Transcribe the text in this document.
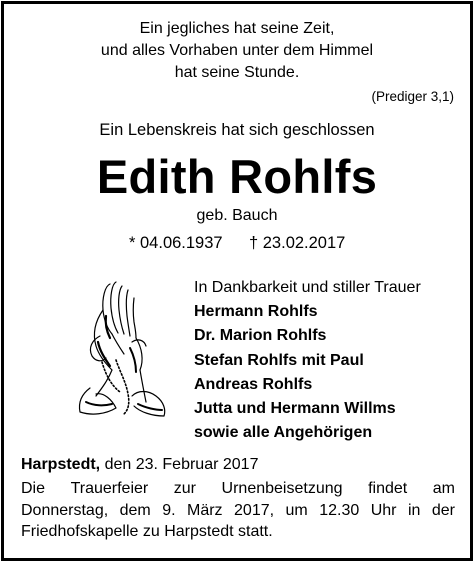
Ein jegliches hat seine Zeit,
und alles Vorhaben unter dem Himmel
hat seine Stunde.
(Prediger 3,1)
Ein Lebenskreis hat sich geschlossen
Edith Rohlfs
geb. Bauch
* 04.06.1937 † 23.02.2017
In Dankbarkeit und stiller Trauer
Hermann Rohlfs
Dr. Marion Rohlfs
Stefan Rohlfs mit Paul
Andreas Rohlfs
Jutta und Hermann Willms
sowie alle Angehörigen
Harpstedt, den 23. Februar 2017
Die Trauerfeier zur Urnenbeisetzung findet am
Donnerstag, dem 9. März 2017, um 12.30 Uhr in der
Friedhofskapelle zu Harpstedt statt.
